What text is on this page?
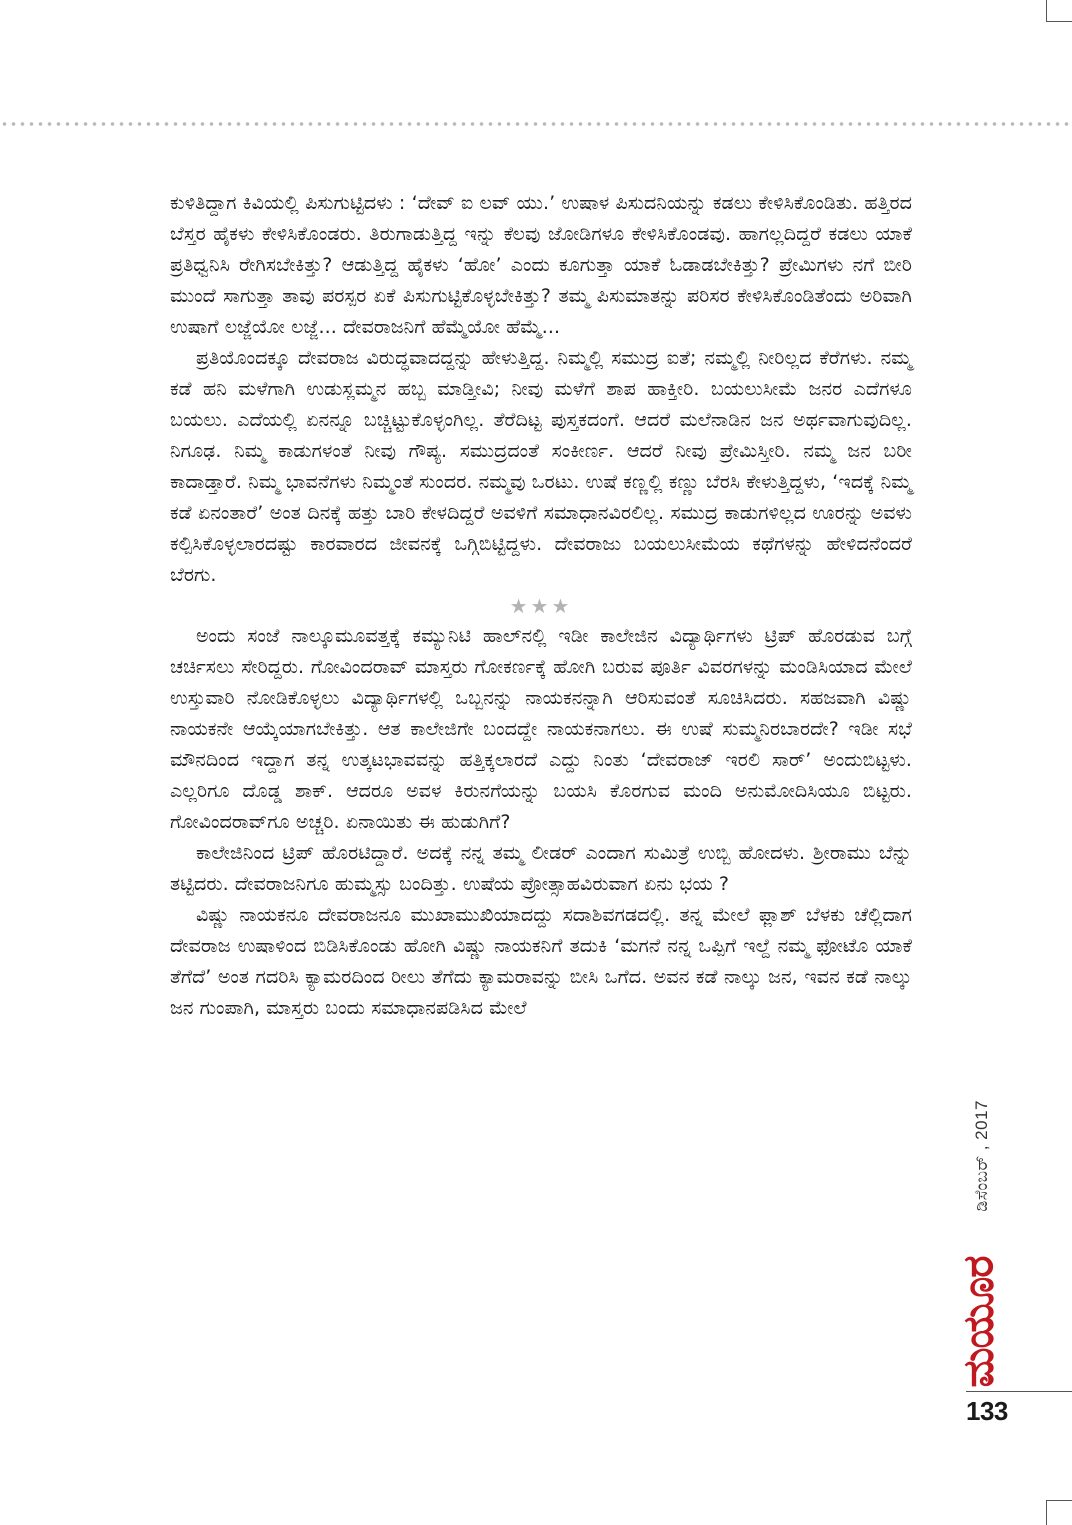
ಕುಳಿತಿದ್ದಾಗ ಕಿವಿಯಲ್ಲಿ ಪಿಸುಗುಟ್ಟಿದಳು : ‘ದೇವ್ ಐ ಲವ್ ಯು.’ ಉಷಾಳ ಪಿಸುದನಿಯನ್ನು ಕಡಲು ಕೇಳಿಸಿಕೊಂಡಿತು. ಹತ್ತಿರದ ಬೆಸ್ತರ ಹೈಕಳು ಕೇಳಿಸಿಕೊಂಡರು. ತಿರುಗಾಡುತ್ತಿದ್ದ ಇನ್ನು ಕೆಲವು ಜೋಡಿಗಳೂ ಕೇಳಿಸಿಕೊಂಡವು. ಹಾಗಲ್ಲದಿದ್ದರೆ ಕಡಲು ಯಾಕೆ ಪ್ರತಿಧ್ವನಿಸಿ ರೇಗಿಸಬೇಕಿತ್ತು? ಆಡುತ್ತಿದ್ದ ಹೈಕಳು ‘ಹೋ’ ಎಂದು ಕೂಗುತ್ತಾ ಯಾಕೆ ಓಡಾಡಬೇಕಿತ್ತು? ಪ್ರೇಮಿಗಳು ನಗೆ ಬೀರಿ ಮುಂದೆ ಸಾಗುತ್ತಾ ತಾವು ಪರಸ್ಪರ ಏಕೆ ಪಿಸುಗುಟ್ಟಿಕೊಳ್ಳಬೇಕಿತ್ತು? ತಮ್ಮ ಪಿಸುಮಾತನ್ನು ಪರಿಸರ ಕೇಳಿಸಿಕೊಂಡಿತೆಂದು ಅರಿವಾಗಿ ಉಷಾಗೆ ಲಜ್ಜೆಯೋ ಲಜ್ಜೆ... ದೇವರಾಜನಿಗೆ ಹೆಮ್ಮೆಯೋ ಹೆಮ್ಮೆ...

ಪ್ರತಿಯೊಂದಕ್ಕೂ ದೇವರಾಜ ವಿರುದ್ಧವಾದದ್ದನ್ನು ಹೇಳುತ್ತಿದ್ದ. ನಿಮ್ಮಲ್ಲಿ ಸಮುದ್ರ ಐತೆ; ನಮ್ಮಲ್ಲಿ ನೀರಿಲ್ಲದ ಕೆರೆಗಳು. ನಮ್ಮ ಕಡೆ ಹನಿ ಮಳೆಗಾಗಿ ಉಡುಸ್ಲಮ್ಮನ ಹಬ್ಬ ಮಾಡ್ತೀವಿ; ನೀವು ಮಳೆಗೆ ಶಾಪ ಹಾಕ್ತೀರಿ. ಬಯಲುಸೀಮೆ ಜನರ ಎದೆಗಳೂ ಬಯಲು. ಎದೆಯಲ್ಲಿ ಏನನ್ನೂ ಬಚ್ಚಿಟ್ಟುಕೊಳ್ಳಂಗಿಲ್ಲ. ತೆರೆದಿಟ್ಟ ಪುಸ್ತಕದಂಗೆ. ಆದರೆ ಮಲೆನಾಡಿನ ಜನ ಅರ್ಥವಾಗುವುದಿಲ್ಲ. ನಿಗೂಢ. ನಿಮ್ಮ ಕಾಡುಗಳಂತೆ ನೀವು ಗೌಪ್ಯ. ಸಮುದ್ರದಂತೆ ಸಂಕೀರ್ಣ. ಆದರೆ ನೀವು ಪ್ರೇಮಿಸ್ತೀರಿ. ನಮ್ಮ ಜನ ಬರೀ ಕಾದಾಡ್ತಾರೆ. ನಿಮ್ಮ ಭಾವನೆಗಳು ನಿಮ್ಮಂತೆ ಸುಂದರ. ನಮ್ಮವು ಒರಟು. ಉಷೆ ಕಣ್ಣಲ್ಲಿ ಕಣ್ಣು ಬೆರಸಿ ಕೇಳುತ್ತಿದ್ದಳು, ‘ಇದಕ್ಕೆ ನಿಮ್ಮ ಕಡೆ ಏನಂತಾರೆ’ ಅಂತ ದಿನಕ್ಕೆ ಹತ್ತು ಬಾರಿ ಕೇಳದಿದ್ದರೆ ಅವಳಿಗೆ ಸಮಾಧಾನವಿರಲಿಲ್ಲ. ಸಮುದ್ರ ಕಾಡುಗಳಿಲ್ಲದ ಊರನ್ನು ಅವಳು ಕಲ್ಪಿಸಿಕೊಳ್ಳಲಾರದಷ್ಟು ಕಾರವಾರದ ಜೀವನಕ್ಕೆ ಒಗ್ಗಿಬಿಟ್ಟಿದ್ದಳು. ದೇವರಾಜು ಬಯಲುಸೀಮೆಯ ಕಥೆಗಳನ್ನು ಹೇಳಿದನೆಂದರೆ ಬೆರಗು.

★★★

ಅಂದು ಸಂಜೆ ನಾಲ್ಕೂಮೂವತ್ತಕ್ಕೆ ಕಮ್ಯುನಿಟಿ ಹಾಲ್‌ನಲ್ಲಿ ಇಡೀ ಕಾಲೇಜಿನ ವಿದ್ಯಾರ್ಥಿಗಳು ಟ್ರಿಪ್ ಹೊರಡುವ ಬಗ್ಗೆ ಚರ್ಚಿಸಲು ಸೇರಿದ್ದರು. ಗೋವಿಂದರಾವ್ ಮಾಸ್ತರು ಗೋಕರ್ಣಕ್ಕೆ ಹೋಗಿ ಬರುವ ಪೂರ್ತಿ ವಿವರಗಳನ್ನು ಮಂಡಿಸಿಯಾದ ಮೇಲೆ ಉಸ್ತುವಾರಿ ನೋಡಿಕೊಳ್ಳಲು ವಿದ್ಯಾರ್ಥಿಗಳಲ್ಲಿ ಒಬ್ಬನನ್ನು ನಾಯಕನನ್ನಾಗಿ ಆರಿಸುವಂತೆ ಸೂಚಿಸಿದರು. ಸಹಜವಾಗಿ ವಿಷ್ಣು ನಾಯಕನೇ ಆಯ್ಕೆಯಾಗಬೇಕಿತ್ತು. ಆತ ಕಾಲೇಜಿಗೇ ಬಂದದ್ದೇ ನಾಯಕನಾಗಲು. ಈ ಉಷೆ ಸುಮ್ಮನಿರಬಾರದೇ? ಇಡೀ ಸಭೆ ಮೌನದಿಂದ ಇದ್ದಾಗ ತನ್ನ ಉತ್ಕಟಭಾವವನ್ನು ಹತ್ತಿಕ್ಕಲಾರದೆ ಎದ್ದು ನಿಂತು ‘ದೇವರಾಜ್ ಇರಲಿ ಸಾರ್’ ಅಂದುಬಿಟ್ಟಳು. ಎಲ್ಲರಿಗೂ ದೊಡ್ಡ ಶಾಕ್. ಆದರೂ ಅವಳ ಕಿರುನಗೆಯನ್ನು ಬಯಸಿ ಕೊರಗುವ ಮಂದಿ ಅನುಮೋದಿಸಿಯೂ ಬಿಟ್ಟರು. ಗೋವಿಂದರಾವ್‌ಗೂ ಅಚ್ಚರಿ. ಏನಾಯಿತು ಈ ಹುಡುಗಿಗೆ?

ಕಾಲೇಜಿನಿಂದ ಟ್ರಿಪ್ ಹೊರಟಿದ್ದಾರೆ. ಅದಕ್ಕೆ ನನ್ನ ತಮ್ಮ ಲೀಡರ್ ಎಂದಾಗ ಸುಮಿತ್ರೆ ಉಬ್ಬಿ ಹೋದಳು. ಶ್ರೀರಾಮು ಬೆನ್ನು ತಟ್ಟಿದರು. ದೇವರಾಜನಿಗೂ ಹುಮ್ಮಸ್ಸು ಬಂದಿತ್ತು. ಉಷೆಯ ಪ್ರೋತ್ಸಾಹವಿರುವಾಗ ಏನು ಭಯ ?

ವಿಷ್ಣು ನಾಯಕನೂ ದೇವರಾಜನೂ ಮುಖಾಮುಖಿಯಾದದ್ದು ಸದಾಶಿವಗಡದಲ್ಲಿ. ತನ್ನ ಮೇಲೆ ಫ್ಲಾಶ್ ಬೆಳಕು ಚೆಲ್ಲಿದಾಗ ದೇವರಾಜ ಉಷಾಳಿಂದ ಬಿಡಿಸಿಕೊಂಡು ಹೋಗಿ ವಿಷ್ಣು ನಾಯಕನಿಗೆ ತದುಕಿ ‘ಮಗನೆ ನನ್ನ ಒಪ್ಪಿಗೆ ಇಲ್ದೆ ನಮ್ಮ ಫೋಟೊ ಯಾಕೆ ತೆಗೆದೆ’ ಅಂತ ಗದರಿಸಿ ಕ್ಯಾಮರದಿಂದ ರೀಲು ತೆಗೆದು ಕ್ಯಾಮರಾವನ್ನು ಬೀಸಿ ಒಗೆದ. ಅವನ ಕಡೆ ನಾಲ್ಕು ಜನ, ಇವನ ಕಡೆ ನಾಲ್ಕು ಜನ ಗುಂಪಾಗಿ, ಮಾಸ್ತರು ಬಂದು ಸಮಾಧಾನಪಡಿಸಿದ ಮೇಲೆ

ಡಿಸೆಂಬರ್ , 2017
ಮಯೂರ
133
